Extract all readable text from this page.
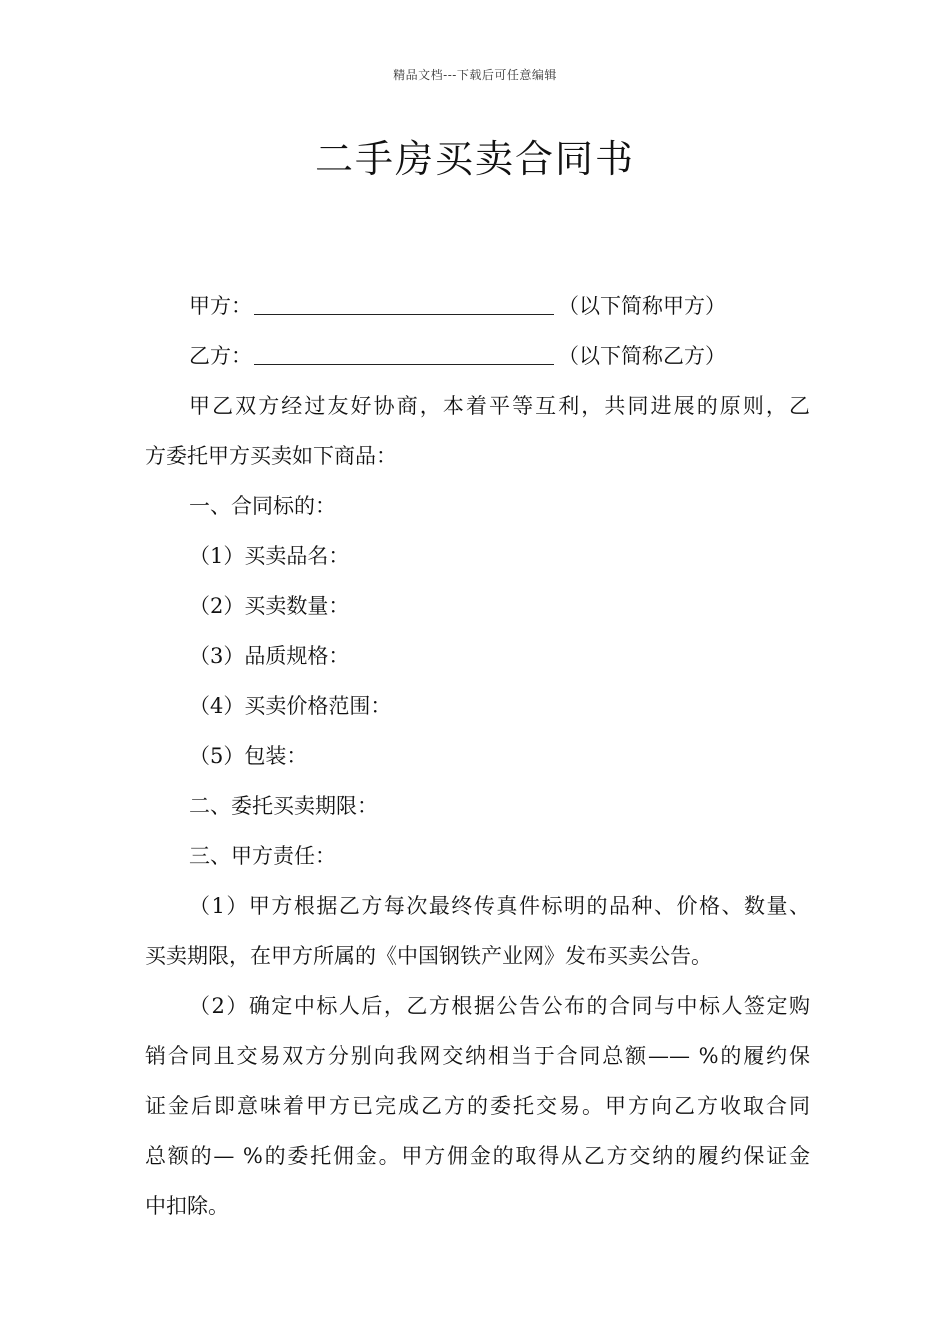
精品文档---下载后可任意编辑
二手房买卖合同书
甲方：	（以下简称甲方）
乙方：	（以下简称乙方）
甲乙双方经过友好协商，本着平等互利，共同进展的原则，乙
方委托甲方买卖如下商品：
一、合同标的：
（1）买卖品名：
（2）买卖数量：
（3）品质规格：
（4）买卖价格范围：
（5）包装：
二、委托买卖期限：
三、甲方责任：
（1）甲方根据乙方每次最终传真件标明的品种、价格、数量、
买卖期限，在甲方所属的《中国钢铁产业网》发布买卖公告。
（2）确定中标人后，乙方根据公告公布的合同与中标人签定购
销合同且交易双方分别向我网交纳相当于合同总额—— %的履约保
证金后即意味着甲方已完成乙方的委托交易。甲方向乙方收取合同
总额的— %的委托佣金。甲方佣金的取得从乙方交纳的履约保证金
中扣除。
